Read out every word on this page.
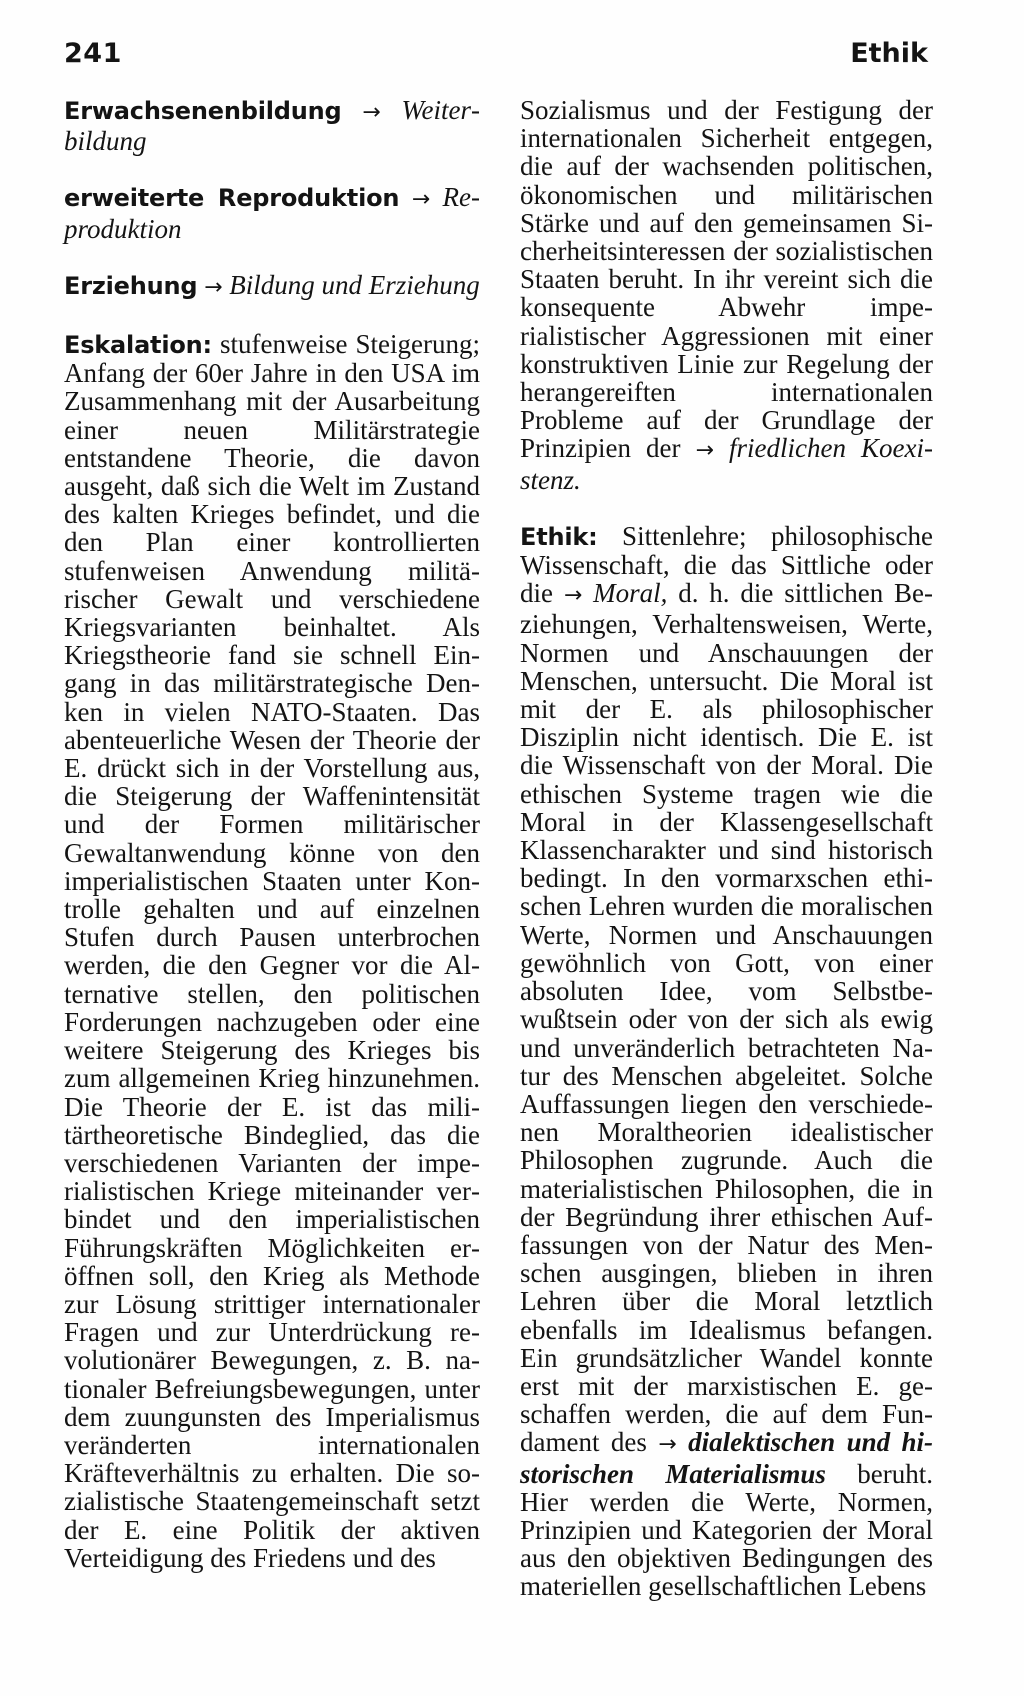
241	Ethik

Erwachsenenbildung → Weiterbildung

erweiterte Reproduktion → Reproduktion

Erziehung → Bildung und Erziehung

Eskalation: stufenweise Steigerung; Anfang der 60er Jahre in den USA im Zusammenhang mit der Ausarbeitung einer neuen Militärstrategie entstandene Theorie, die davon ausgeht, daß sich die Welt im Zustand des kalten Krieges befindet, und die den Plan einer kontrollierten stufenweisen Anwendung militärischer Gewalt und verschiedene Kriegsvarianten beinhaltet. Als Kriegstheorie fand sie schnell Eingang in das militärstrategische Denken in vielen NATO-Staaten. Das abenteuerliche Wesen der Theorie der E. drückt sich in der Vorstellung aus, die Steigerung der Waffenintensität und der Formen militärischer Gewaltanwendung könne von den imperialistischen Staaten unter Kontrolle gehalten und auf einzelnen Stufen durch Pausen unterbrochen werden, die den Gegner vor die Alternative stellen, den politischen Forderungen nachzugeben oder eine weitere Steigerung des Krieges bis zum allgemeinen Krieg hinzunehmen. Die Theorie der E. ist das militärtheoretische Bindeglied, das die verschiedenen Varianten der imperialistischen Kriege miteinander verbindet und den imperialistischen Führungskräften Möglichkeiten eröffnen soll, den Krieg als Methode zur Lösung strittiger internationaler Fragen und zur Unterdrückung revolutionärer Bewegungen, z. B. nationaler Befreiungsbewegungen, unter dem zuungunsten des Imperialismus veränderten internationalen Kräfteverhältnis zu erhalten. Die sozialistische Staatengemeinschaft setzt der E. eine Politik der aktiven Verteidigung des Friedens und des

Sozialismus und der Festigung der internationalen Sicherheit entgegen, die auf der wachsenden politischen, ökonomischen und militärischen Stärke und auf den gemeinsamen Sicherheitsinteressen der sozialistischen Staaten beruht. In ihr vereint sich die konsequente Abwehr imperialistischer Aggressionen mit einer konstruktiven Linie zur Regelung der herangereiften internationalen Probleme auf der Grundlage der Prinzipien der → friedlichen Koexistenz.

Ethik: Sittenlehre; philosophische Wissenschaft, die das Sittliche oder die → Moral, d. h. die sittlichen Beziehungen, Verhaltensweisen, Werte, Normen und Anschauungen der Menschen, untersucht. Die Moral ist mit der E. als philosophischer Disziplin nicht identisch. Die E. ist die Wissenschaft von der Moral. Die ethischen Systeme tragen wie die Moral in der Klassengesellschaft Klassencharakter und sind historisch bedingt. In den vormarxschen ethischen Lehren wurden die moralischen Werte, Normen und Anschauungen gewöhnlich von Gott, von einer absoluten Idee, vom Selbstbewußtsein oder von der sich als ewig und unveränderlich betrachteten Natur des Menschen abgeleitet. Solche Auffassungen liegen den verschiedenen Moraltheorien idealistischer Philosophen zugrunde. Auch die materialistischen Philosophen, die in der Begründung ihrer ethischen Auffassungen von der Natur des Menschen ausgingen, blieben in ihren Lehren über die Moral letztlich ebenfalls im Idealismus befangen. Ein grundsätzlicher Wandel konnte erst mit der marxistischen E. geschaffen werden, die auf dem Fundament des → dialektischen und historischen Materialismus beruht. Hier werden die Werte, Normen, Prinzipien und Kategorien der Moral aus den objektiven Bedingungen des materiellen gesellschaftlichen Lebens
